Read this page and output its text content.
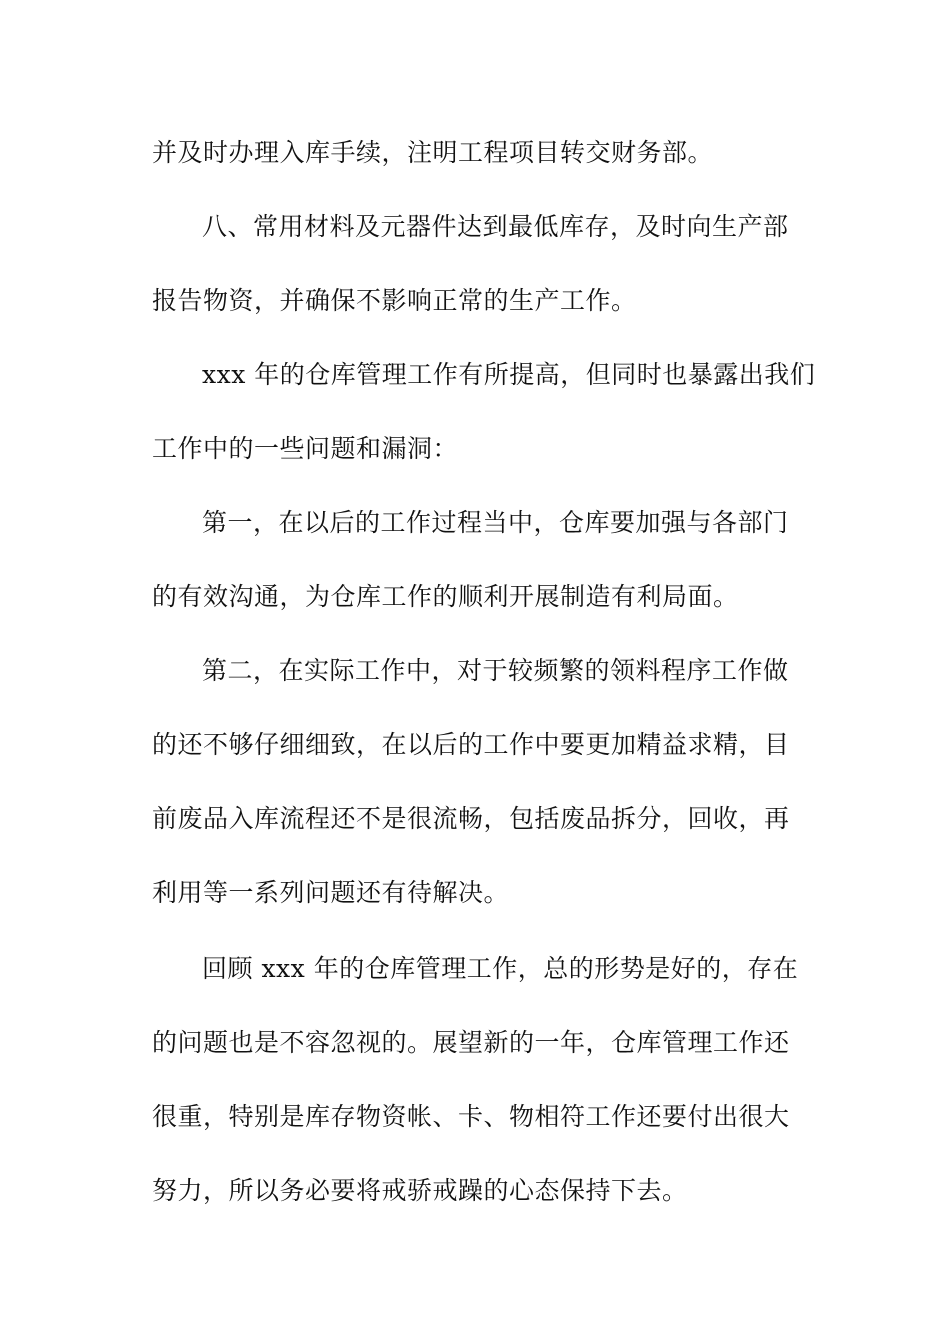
并及时办理入库手续，注明工程项目转交财务部。
八、常用材料及元器件达到最低库存，及时向生产部
报告物资，并确保不影响正常的生产工作。
xxx 年的仓库管理工作有所提高，但同时也暴露出我们
工作中的一些问题和漏洞：
第一，在以后的工作过程当中，仓库要加强与各部门
的有效沟通，为仓库工作的顺利开展制造有利局面。
第二，在实际工作中，对于较频繁的领料程序工作做
的还不够仔细细致，在以后的工作中要更加精益求精，目
前废品入库流程还不是很流畅，包括废品拆分，回收，再
利用等一系列问题还有待解决。
回顾 xxx 年的仓库管理工作，总的形势是好的，存在
的问题也是不容忽视的。展望新的一年，仓库管理工作还
很重，特别是库存物资帐、卡、物相符工作还要付出很大
努力，所以务必要将戒骄戒躁的心态保持下去。
